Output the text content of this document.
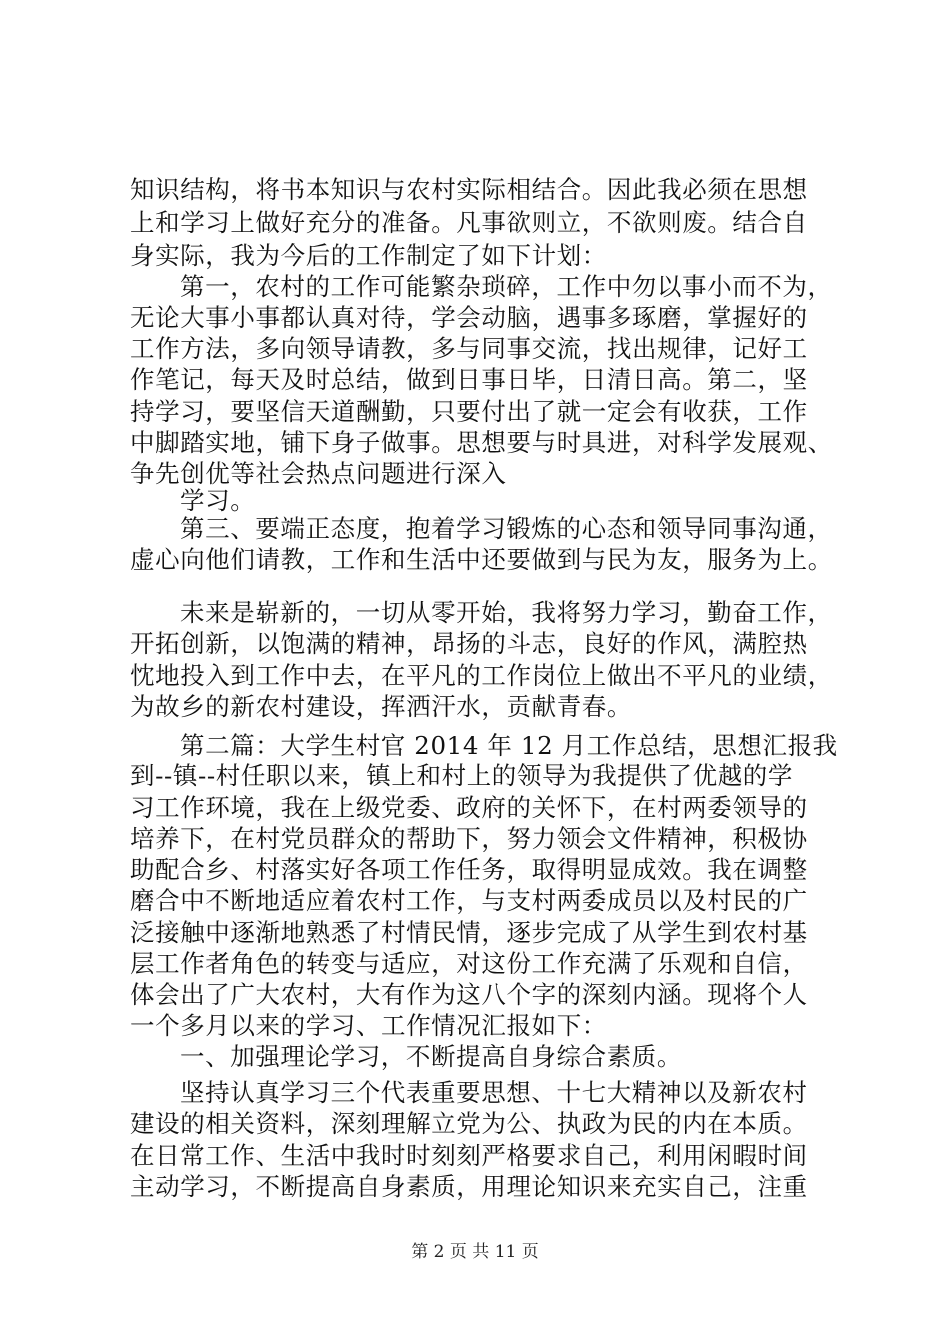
知识结构，将书本知识与农村实际相结合。因此我必须在思想
上和学习上做好充分的准备。凡事欲则立，不欲则废。结合自
身实际，我为今后的工作制定了如下计划：
第一，农村的工作可能繁杂琐碎，工作中勿以事小而不为，
无论大事小事都认真对待，学会动脑，遇事多琢磨，掌握好的
工作方法，多向领导请教，多与同事交流，找出规律，记好工
作笔记，每天及时总结，做到日事日毕，日清日高。第二，坚
持学习，要坚信天道酬勤，只要付出了就一定会有收获，工作
中脚踏实地，铺下身子做事。思想要与时具进，对科学发展观、
争先创优等社会热点问题进行深入
学习。
第三、要端正态度，抱着学习锻炼的心态和领导同事沟通，
虚心向他们请教，工作和生活中还要做到与民为友，服务为上。
未来是崭新的，一切从零开始，我将努力学习，勤奋工作，
开拓创新，以饱满的精神，昂扬的斗志，良好的作风，满腔热
忱地投入到工作中去，在平凡的工作岗位上做出不平凡的业绩，
为故乡的新农村建设，挥洒汗水，贡献青春。
第二篇：大学生村官 2014 年 12 月工作总结，思想汇报我
到--镇--村任职以来，镇上和村上的领导为我提供了优越的学
习工作环境，我在上级党委、政府的关怀下，在村两委领导的
培养下，在村党员群众的帮助下，努力领会文件精神，积极协
助配合乡、村落实好各项工作任务，取得明显成效。我在调整
磨合中不断地适应着农村工作，与支村两委成员以及村民的广
泛接触中逐渐地熟悉了村情民情，逐步完成了从学生到农村基
层工作者角色的转变与适应，对这份工作充满了乐观和自信，
体会出了广大农村，大有作为这八个字的深刻内涵。现将个人
一个多月以来的学习、工作情况汇报如下：
一、加强理论学习，不断提高自身综合素质。
坚持认真学习三个代表重要思想、十七大精神以及新农村
建设的相关资料，深刻理解立党为公、执政为民的内在本质。
在日常工作、生活中我时时刻刻严格要求自己，利用闲暇时间
主动学习，不断提高自身素质，用理论知识来充实自己，注重
第 2 页 共 11 页
